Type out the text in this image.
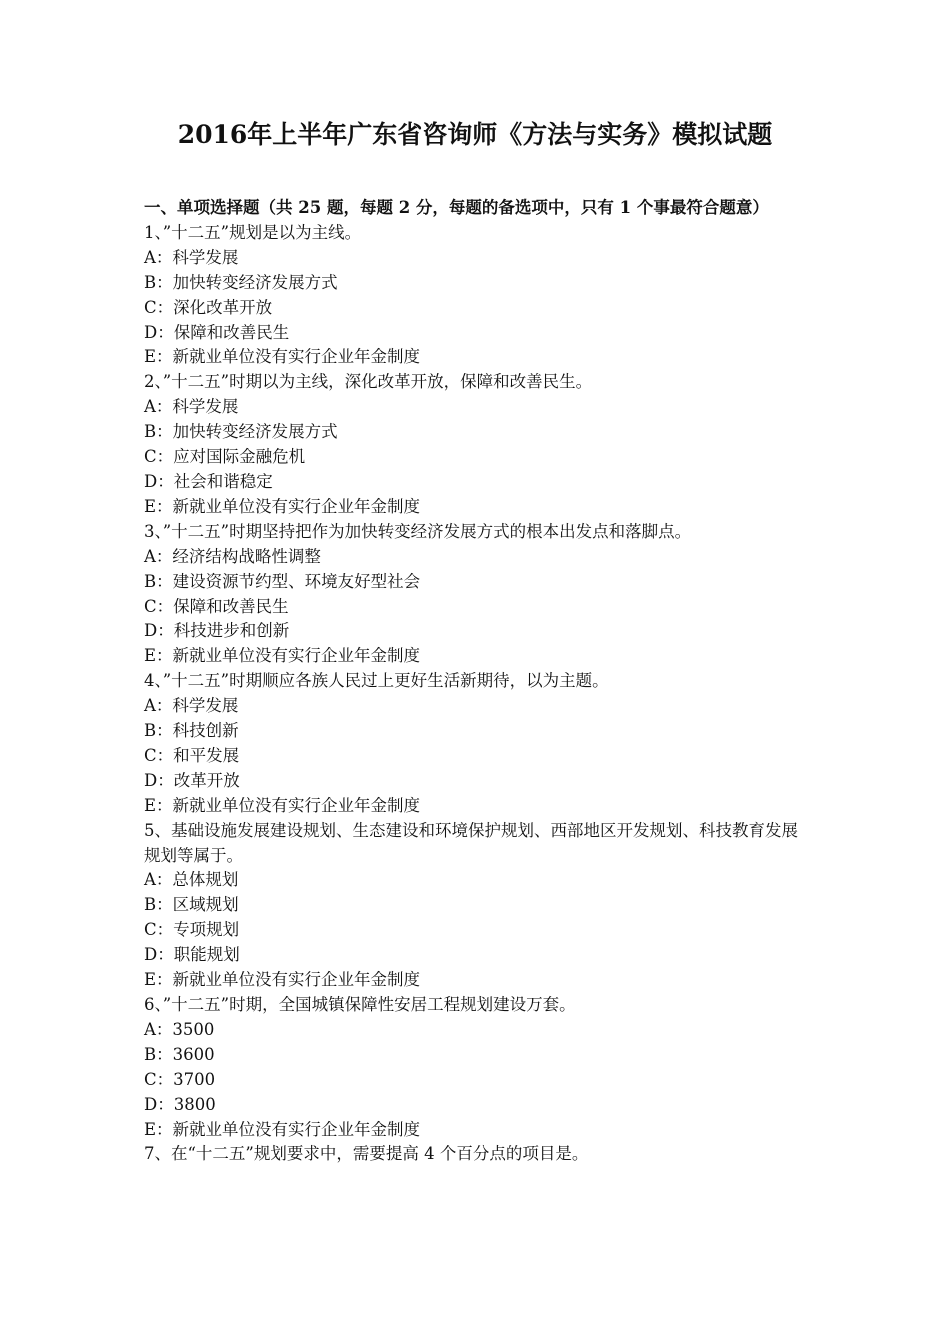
2016年上半年广东省咨询师《方法与实务》模拟试题

一、单项选择题（共 25 题，每题 2 分，每题的备选项中，只有 1 个事最符合题意）

1、”十二五”规划是以为主线。

A：科学发展

B：加快转变经济发展方式

C：深化改革开放

D：保障和改善民生

E：新就业单位没有实行企业年金制度

2、”十二五”时期以为主线，深化改革开放，保障和改善民生。

A：科学发展

B：加快转变经济发展方式

C：应对国际金融危机

D：社会和谐稳定

E：新就业单位没有实行企业年金制度

3、”十二五”时期坚持把作为加快转变经济发展方式的根本出发点和落脚点。

A：经济结构战略性调整

B：建设资源节约型、环境友好型社会

C：保障和改善民生

D：科技进步和创新

E：新就业单位没有实行企业年金制度

4、”十二五”时期顺应各族人民过上更好生活新期待，以为主题。

A：科学发展

B：科技创新

C：和平发展

D：改革开放

E：新就业单位没有实行企业年金制度

5、基础设施发展建设规划、生态建设和环境保护规划、西部地区开发规划、科技教育发展规划等属于。

A：总体规划

B：区域规划

C：专项规划

D：职能规划

E：新就业单位没有实行企业年金制度

6、”十二五”时期，全国城镇保障性安居工程规划建设万套。

A：3500

B：3600

C：3700

D：3800

E：新就业单位没有实行企业年金制度

7、在“十二五”规划要求中，需要提高 4 个百分点的项目是。
